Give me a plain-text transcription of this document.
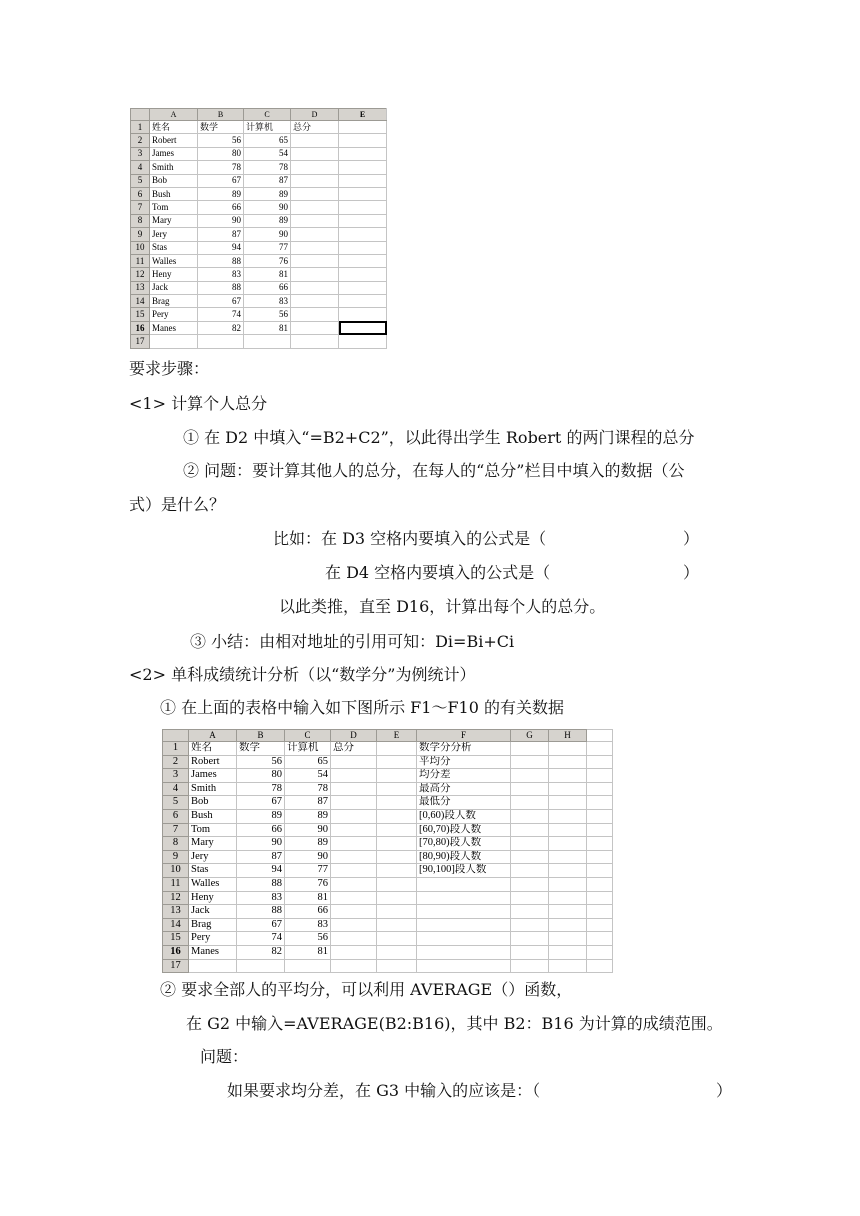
	A	B	C	D	E	
1	姓名	数学	计算机	总分		
2	Robert	56	65			
3	James	80	54			
4	Smith	78	78			
5	Bob	67	87			
6	Bush	89	89			
7	Tom	66	90			
8	Mary	90	89			
9	Jery	87	90			
10	Stas	94	77			
11	Walles	88	76			
12	Heny	83	81			
13	Jack	88	66			
14	Brag	67	83			
15	Pery	74	56			
16	Manes	82	81			
17						
要求步骤：
<1> 计算个人总分
① 在 D2 中填入“=B2+C2”，以此得出学生 Robert 的两门课程的总分
② 问题：要计算其他人的总分，在每人的“总分”栏目中填入的数据（公
式）是什么？
比如：在 D3 空格内要填入的公式是（	）
在 D4 空格内要填入的公式是（	）
以此类推，直至 D16，计算出每个人的总分。
③ 小结：由相对地址的引用可知：Di=Bi+Ci
<2> 单科成绩统计分析（以“数学分”为例统计）
① 在上面的表格中输入如下图所示 F1～F10 的有关数据
	A	B	C	D	E	F	G	H	
1	姓名	数学	计算机	总分		数学分分析			
2	Robert	56	65			平均分			
3	James	80	54			均分差			
4	Smith	78	78			最高分			
5	Bob	67	87			最低分			
6	Bush	89	89			[0,60)段人数			
7	Tom	66	90			[60,70)段人数			
8	Mary	90	89			[70,80)段人数			
9	Jery	87	90			[80,90)段人数			
10	Stas	94	77			[90,100]段人数			
11	Walles	88	76						
12	Heny	83	81						
13	Jack	88	66						
14	Brag	67	83						
15	Pery	74	56						
16	Manes	82	81						
17									
② 要求全部人的平均分，可以利用 AVERAGE（）函数，
在 G2 中输入=AVERAGE(B2:B16)，其中 B2：B16 为计算的成绩范围。
问题：
如果要求均分差，在 G3 中输入的应该是：（	）
